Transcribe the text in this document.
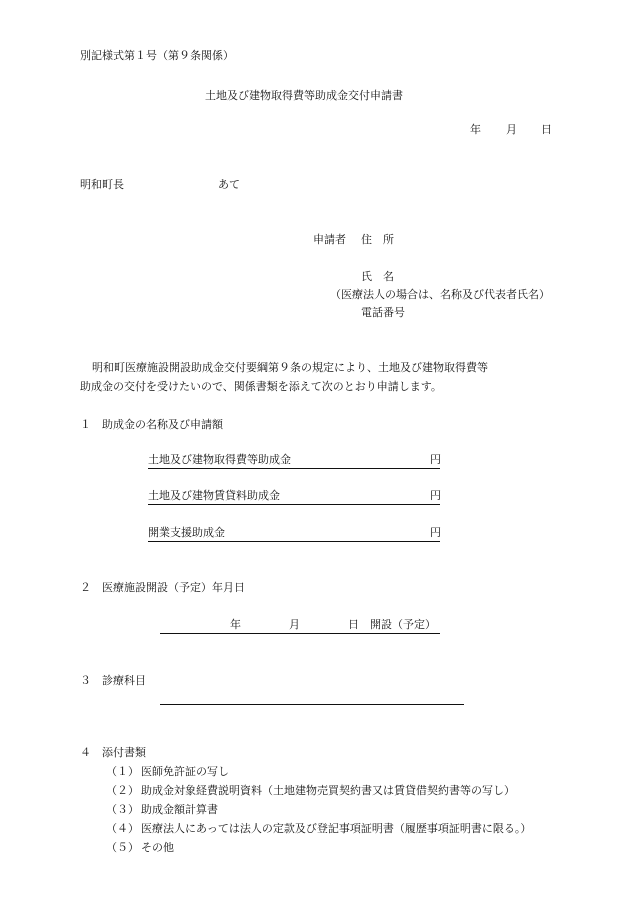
別記様式第１号（第９条関係）
土地及び建物取得費等助成金交付申請書
年 月 日
明和町長	あて
申請者 住　所
氏　名
（医療法人の場合は、名称及び代表者氏名）
電話番号
明和町医療施設開設助成金交付要綱第９条の規定により、土地及び建物取得費等
助成金の交付を受けたいので、関係書類を添えて次のとおり申請します。
１　助成金の名称及び申請額
土地及び建物取得費等助成金	円
土地及び建物賃貸料助成金	円
開業支援助成金	円
２　医療施設開設（予定）年月日
年	月	日 開設（予定）
３　診療科目
４　添付書類
（１） 医師免許証の写し
（２） 助成金対象経費説明資料（土地建物売買契約書又は賃貸借契約書等の写し）
（３） 助成金額計算書
（４） 医療法人にあっては法人の定款及び登記事項証明書（履歴事項証明書に限る。）
（５） その他
